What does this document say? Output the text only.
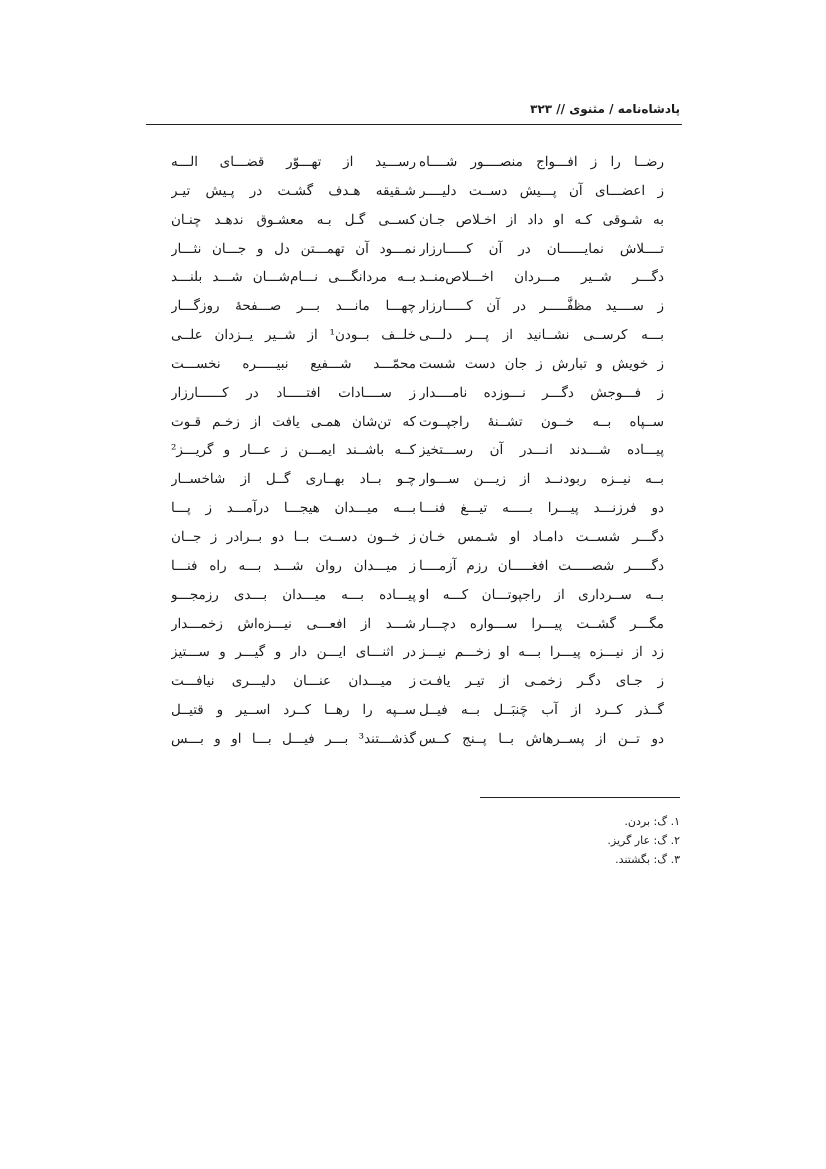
پادشاه‌نامه / مثنوی // ۳۲۳
رضــا را ز افـــواج منصــــور شــــاه
ز اعضـــای آن پـــیش دســت دلیــــر
به شـوقی کـه او داد از اخـلاص جـان
تــــلاش نمایــــــان در آن کـــــارزار
دگـــر شــیر مـــردان اخـــلاص‌منــد
ز ســــید مظفَّـــــر در آن کـــــارزار
بـــه کرســی نشــانید از پـــر دلـــی
ز خویش و تبارش ز جان دست شست
ز فـــوجش دگـــر نـــوزده نامــــدار
ســپاه بــه خــون تشــنهٔ راجپــوت
پیـــاده شـــدند انـــدر آن رســـتخیز
بــه نیــزه ربودنــد از زیـــن ســـوار
دو فرزنـــد پیـــرا بـــــه تیـــغ فنـــا
دگـــر شســت دامـاد او شـمس خـان
دگـــــر شصـــــت افغـــــان رزم آزمــــا
بــه ســرداری از راجپوتـــان کـــه او
مگـــر گشــت پیـــرا ســـواره دچـــار
زد از نیـــزه پیـــرا بـــه او زخـــم نیـــز
ز جـای دگـر زخمـی از تیـر یافـت
گــذر کــرد از آب چَنبَــل بــه فیــل
دو تــن از پســرهاش بــا پــنج کــس
رســـید از تهـــوّر قضـــای الـــه
شـقیقه هـدف گشـت در پـیش تیـر
کســی گـل بـه معشـوق ندهـد چنـان
نمـــود آن تهمـــتن دل و جـــان نثـــار
بــه مردانگـــی نـــام‌شـــان شـــد بلنـــد
چهـــا مانـــد بـــر صـــفحهٔ روزگـــار
خلــف بــودن¹ از شــیر یــزدان علــی
محمّـــد شـــفیع نبیـــــره نخســـت
ز ســــادات افتـــــاد در کــــــارزار
که تن‌شان همـی یافت از زخـم قـوت
کــه باشــند ایمـــن ز عـــار و گریـــز²
چـو بــاد بهــاری گــل از شاخســار
بـــه میـــدان هیجـــا درآمـــد ز پـــا
ز خــون دســت بــا دو بــرادر ز جــان
ز میـــدان روان شـــد بـــه راه فنـــا
پیـــاده بـــه میـــدان بـــدی رزمجـــو
شـــد از افعـــی نیـــزه‌اش زخمـــدار
در اثنـــای ایـــن دار و گیـــر و ســـتیز
ز میـــدان عنـــان دلیـــری نیافـــت
ســپه را رهــا کــرد اســیر و قتیــل
گذشـــتند³ بـــر فیـــل بـــا او و بـــس
۱. گ: بردن.
۲. گ: عار گریز.
۳. گ: بگشتند.
